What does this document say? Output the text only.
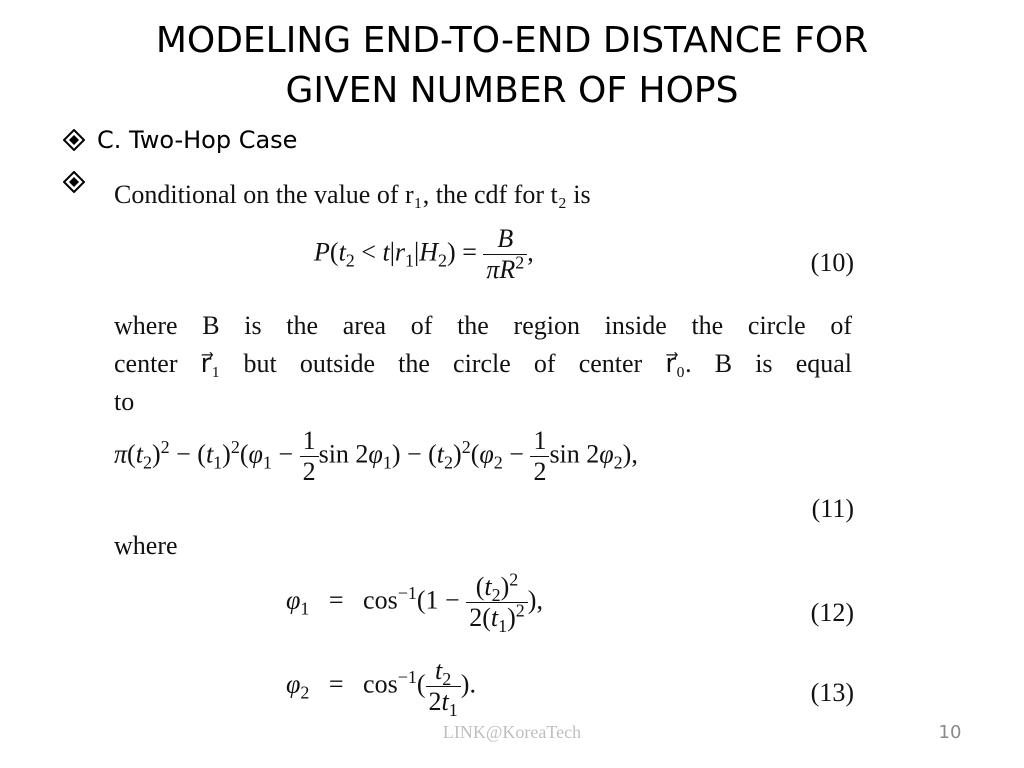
MODELING END-TO-END DISTANCE FOR
GIVEN NUMBER OF HOPS
C. Two-Hop Case
Conditional on the value of r₁, the cdf for t₂ is
$P(t_2 < t|r_1|H_2) = \frac{B}{\pi R^2}$ ,	(10)
where B is the area of the region inside the circle of
center r⃗₁ but outside the circle of center r⃗₀. B is equal
to
$\pi(t_2)^2 - (t_1)^2(\varphi_1 - \frac{1}{2}$ $\sin 2\varphi_1) - (t_2)^2(\varphi_2 - \frac{1}{2}$ $\sin 2\varphi_2$),
(11)
where
$\varphi_1 = \cos^{-1}(1 - \frac{(t_2)^2}{2(t_1)^2}$ ),	(12)
$\varphi_2 = \cos^{-1}( \frac{t_2}{2t_1}$ ).	(13)
LINK@KoreaTech	10
